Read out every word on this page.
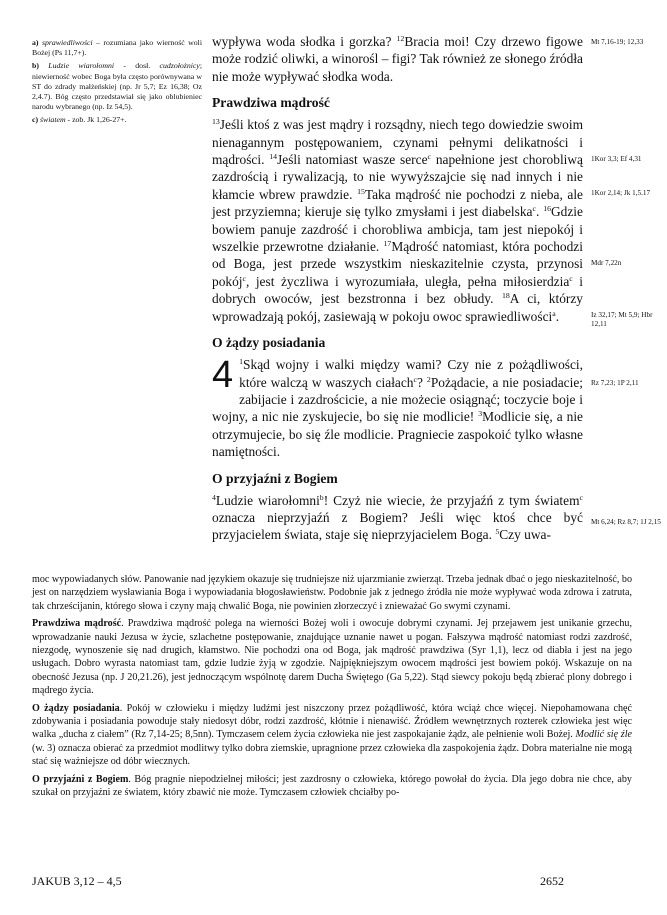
a) sprawiedliwości – rozumiana jako wierność woli Bożej (Ps 11,7+).

b) Ludzie wiarołomni - dosł. cudzołożnicy; niewierność wobec Boga była często porównywana w ST do zdrady małżeńskiej (np. Jr 5,7; Ez 16,38; Oz 2,4.7). Bóg często przedstawiał się jako oblubieniec narodu wybranego (np. Iz 54,5).

c) światem - zob. Jk 1,26-27+.

wypływa woda słodka i gorzka? $^{12}$Bracia moi! Czy drzewo figowe może rodzić oliwki, a winorośl – figi? Tak również ze słonego źródła nie może wypływać słodka woda.

Prawdziwa mądrość

$^{13}$Jeśli ktoś z was jest mądry i rozsądny, niech tego dowiedzie swoim nienagannym postępowaniem, czynami pełnymi delikatności i mądrości. $^{14}$Jeśli natomiast wasze serce$^c$ napełnione jest chorobliwą zazdrością i rywalizacją, to nie wywyższajcie się nad innych i nie kłamcie wbrew prawdzie. $^{15}$Taka mądrość nie pochodzi z nieba, ale jest przyziemna; kieruje się tylko zmysłami i jest diabelska$^c$. $^{16}$Gdzie bowiem panuje zazdrość i chorobliwa ambicja, tam jest niepokój i wszelkie przewrotne działanie. $^{17}$Mądrość natomiast, która pochodzi od Boga, jest przede wszystkim nieskazitelnie czysta, przynosi pokój$^c$, jest życzliwa i wyrozumiała, uległa, pełna miłosierdzia$^c$ i dobrych owoców, jest bezstronna i bez obłudy. $^{18}$A ci, którzy wprowadzają pokój, zasiewają w pokoju owoc sprawiedliwości$^a$.

O żądzy posiadania

4 $^1$Skąd wojny i walki między wami? Czy nie z pożądliwości, które walczą w waszych ciałach$^c$? $^2$Pożądacie, a nie posiadacie; zabijacie i zazdrościcie, a nie możecie osiągnąć; toczycie boje i wojny, a nic nie zyskujecie, bo się nie modlicie! $^3$Modlicie się, a nie otrzymujecie, bo się źle modlicie. Pragniecie zaspokoić tylko własne namiętności.

O przyjaźni z Bogiem

$^4$Ludzie wiarołomni$^b$! Czyż nie wiecie, że przyjaźń z tym światem$^c$ oznacza nieprzyjaźń z Bogiem? Jeśli więc ktoś chce być przyjacielem świata, staje się nieprzyjacielem Boga. $^5$Czy uwa-

Mt 7,16-19; 12,33
1Kor 3,3; Ef 4,31
1Kor 2,14; Jk 1,5.17
Mdr 7,22n
Iz 32,17; Mt 5,9; Hbr 12,11
Rz 7,23; 1P 2,11
Mt 6,24; Rz 8,7; 1J 2,15

moc wypowiadanych słów. Panowanie nad językiem okazuje się trudniejsze niż ujarzmianie zwierząt. Trzeba jednak dbać o jego nieskazitelność, bo jest on narzędziem wysławiania Boga i wypowiadania błogosławieństw. Podobnie jak z jednego źródła nie może wypływać woda zdrowa i zatruta, tak chrześcijanin, którego słowa i czyny mają chwalić Boga, nie powinien złorzeczyć i znieważać Go swymi czynami.

Prawdziwa mądrość. Prawdziwa mądrość polega na wierności Bożej woli i owocuje dobrymi czynami. Jej przejawem jest unikanie grzechu, wprowadzanie nauki Jezusa w życie, szlachetne postępowanie, znajdujące uznanie nawet u pogan. Fałszywa mądrość natomiast rodzi zazdrość, niezgodę, wynoszenie się nad drugich, kłamstwo. Nie pochodzi ona od Boga, jak mądrość prawdziwa (Syr 1,1), lecz od diabła i jest na jego usługach. Dobro wyrasta natomiast tam, gdzie ludzie żyją w zgodzie. Najpiękniejszym owocem mądrości jest bowiem pokój. Wskazuje on na obecność Jezusa (np. J 20,21.26), jest jednoczącym wspólnotę darem Ducha Świętego (Ga 5,22). Stąd siewcy pokoju będą zbierać plony dobrego i mądrego życia.

O żądzy posiadania. Pokój w człowieku i między ludźmi jest niszczony przez pożądliwość, która wciąż chce więcej. Niepohamowana chęć zdobywania i posiadania powoduje stały niedosyt dóbr, rodzi zazdrość, kłótnie i nienawiść. Źródłem wewnętrznych rozterek człowieka jest więc walka „ducha z ciałem” (Rz 7,14-25; 8,5nn). Tymczasem celem życia człowieka nie jest zaspokajanie żądz, ale pełnienie woli Bożej. Modlić się źle (w. 3) oznacza obierać za przedmiot modlitwy tylko dobra ziemskie, upragnione przez człowieka dla zaspokojenia żądz. Dobra materialne nie mogą stać się ważniejsze od dóbr wiecznych.

O przyjaźni z Bogiem. Bóg pragnie niepodzielnej miłości; jest zazdrosny o człowieka, którego powołał do życia. Dla jego dobra nie chce, aby szukał on przyjaźni ze światem, który zbawić nie może. Tymczasem człowiek chciałby po-

JAKUB 3,12 – 4,5	2652
